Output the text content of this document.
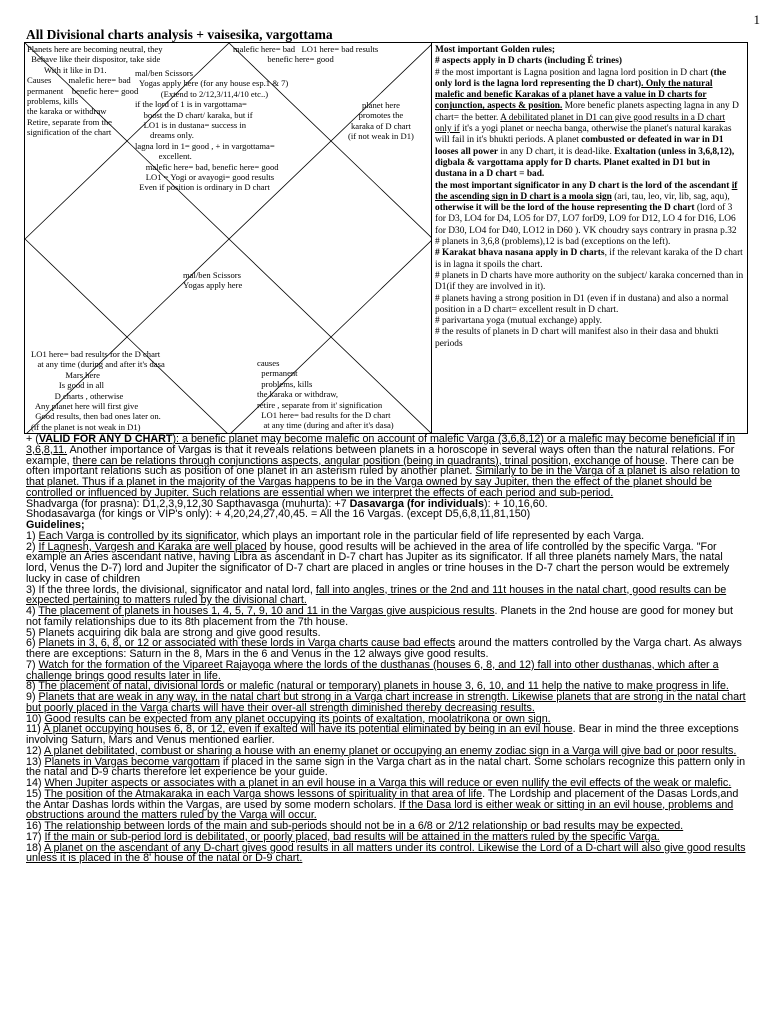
1
All Divisional charts analysis + vaisesika, vargottama
Planets here are becoming neutral, they
Behave like their dispositor, take side
With it like in D1.
Causes        malefic here= bad
permanent    benefic here= good
problems, kills
the karaka or withdraw
Retire, separate from the
signification of the chart
malefic here= bad   LO1 here= bad results
benefic here= good
mal/ben Scissors
Yogas apply here (for any house esp.1 & 7)
(Extend to 2/12,3/11,4/10 etc..)
if the lord of 1 is in vargottama=
boost the D chart/ karaka, but if
LO1 is in dustana= success in
dreams only.
lagna lord in 1= good , + in vargottama=
excellent.
malefic here= bad, benefic here= good
LO1 = Yogi or avayogi= good results
Even if position is ordinary in D chart
planet here
promotes the
karaka of D chart
(if not weak in D1)
mal/ben Scissors
Yogas apply here
LO1 here= bad results for the D chart
at any time (during and after it's dasa
Mars here
Is good in all
D charts , otherwise
Any planet here will first give
Good results, then bad ones later on.
(if the planet is not weak in D1)
causes
permanent
problems, kills
the karaka or withdraw,
retire , separate from it' signification
LO1 here= bad results for the D chart
at any time (during and after it's dasa)

Most important Golden rules;

# aspects apply in D charts (including É trines)

# the most important is Lagna position and lagna lord position in D chart (the only lord is the lagna lord representing the D chart). Only the natural malefic and benefic Karakas of a planet have a value in D charts for conjunction, aspects & position. More benefic planets aspecting lagna in any D chart= the better. A debilitated planet in D1 can give good results in a D chart only if it's a yogi planet or neecha banga, otherwise the planet's natural karakas will fail in it's bhukti periods. A planet combusted or defeated in war in D1 looses all power in any D chart, it is dead-like. Exaltation (unless in 3,6,8,12), digbala & vargottama apply for D charts. Planet exalted in D1 but in dustana in a D chart = bad.

the most important significator in any D chart is the lord of the ascendant if the ascending sign in D chart is a moola sign (ari, tau, leo, vir, lib, sag, aqu), otherwise it will be the lord of the house representing the D chart (lord of 3 for D3, LO4 for D4, LO5 for D7, LO7 forD9, LO9 for D12, LO 4 for D16, LO6 for D30, LO4 for D40, LO12 in D60 ). VK choudry says contrary in prasna p.32

# planets in 3,6,8 (problems),12 is bad (exceptions on the left).

# Karakat bhava nasana apply in D charts, if the relevant karaka of the D chart is in lagna it spoils the chart.

# planets in D charts have more authority on the subject/ karaka concerned than in D1(if they are involved in it).

# planets having a strong position in D1 (even if in dustana) and also a normal position in a D chart= excellent result in D chart.

# parivartana yoga (mutual exchange) apply.

# the results of planets in D chart will manifest also in their dasa and bhukti periods

+ (VALID FOR ANY D CHART): a benefic planet may become malefic on account of malefic Varga (3,6,8,12) or a malefic may become beneficial if in 3,6,8,11. Another importance of Vargas is that it reveals relations between planets in a horoscope in several ways often than the natural relations. For example, there can be relations through conjunctions aspects, angular position (being in quadrants), trinal position, exchange of house. There can be often important relations such as position of one planet in an asterism ruled by another planet. Similarly to be in the Varga of a planet is also relation to that planet. Thus if a planet in the majority of the Vargas happens to be in the Varga owned by say Jupiter, then the effect of the planet should be controlled or influenced by Jupiter. Such relations are essential when we interpret the effects of each period and sub-period.

Shadvarga (for prasna): D1,2,3,9,12,30 Sapthavasga (muhurta): +7 Dasavarga (for individuals): + 10,16,60.

Shodasavarga (for kings or VIP's only): + 4,20,24,27,40,45. = All the 16 Vargas. (except D5,6,8,11,81,150)

Guidelines;

1) Each Varga is controlled by its significator, which plays an important role in the particular field of life represented by each Varga.

2) If Lagnesh, Vargesh and Karaka are well placed by house, good results will be achieved in the area of life controlled by the specific Varga. "For example an Aries ascendant native, having Libra as ascendant in D-7 chart has Jupiter as its significator. If all three planets namely Mars, the natal lord, Venus the D-7) lord and Jupiter the significator of D-7 chart are placed in angles or trine houses in the D-7 chart the person would be extremely lucky in case of children

3) If the three lords, the divisional, significator and natal lord, fall into angles, trines or the 2nd and 11t houses in the natal chart, good results can be expected pertaining to matters ruled by the divisional chart.

4) The placement of planets in houses 1, 4, 5, 7, 9, 10 and 11 in the Vargas give auspicious results. Planets in the 2nd house are good for money but not family relationships due to its 8th placement from the 7th house.

5) Planets acquiring dik bala are strong and give good results.

6) Planets in 3, 6, 8, or 12 or associated with these lords in Varga charts cause bad effects around the matters controlled by the Varga chart. As always there are exceptions: Saturn in the 8, Mars in the 6 and Venus in the 12 always give good results.

7) Watch for the formation of the Vipareet Rajayoga where the lords of the dusthanas (houses 6, 8, and 12) fall into other dusthanas, which after a challenge brings good results later in life.

8) The placement of natal, divisional lords or malefic (natural or temporary) planets in house 3, 6, 10, and 11 help the native to make progress in life.

9) Planets that are weak in any way, in the natal chart but strong in a Varga chart increase in strength. Likewise planets that are strong in the natal chart but poorly placed in the Varga charts will have their over-all strength diminished thereby decreasing results.

10) Good results can be expected from any planet occupying its points of exaltation, moolatrikona or own sign.

11) A planet occupying houses 6, 8, or 12, even if exalted will have its potential eliminated by being in an evil house. Bear in mind the three exceptions involving Saturn, Mars and Venus mentioned earlier.

12) A planet debilitated, combust or sharing a house with an enemy planet or occupying an enemy zodiac sign in a Varga will give bad or poor results.

13) Planets in Vargas become vargottam if placed in the same sign in the Varga chart as in the natal chart. Some scholars recognize this pattern only in the natal and D-9 charts therefore let experience be your guide.

14) When Jupiter aspects or associates with a planet in an evil house in a Varga this will reduce or even nullify the evil effects of the weak or malefic.

15) The position of the Atmakaraka in each Varga shows lessons of spirituality in that area of life. The Lordship and placement of the Dasas Lords,and the Antar Dashas lords within the Vargas, are used by some modern scholars. If the Dasa lord is either weak or sitting in an evil house, problems and obstructions around the matters ruled by the Varga will occur.

16) The relationship between lords of the main and sub-periods should not be in a 6/8 or 2/12 relationship or bad results may be expected.

17) If the main or sub-period lord is debilitated, or poorly placed, bad results will be attained in the matters ruled by the specific Varga.

18) A planet on the ascendant of any D-chart gives good results in all matters under its control. Likewise the Lord of a D-chart will also give good results unless it is placed in the 8' house of the natal or D-9 chart.
